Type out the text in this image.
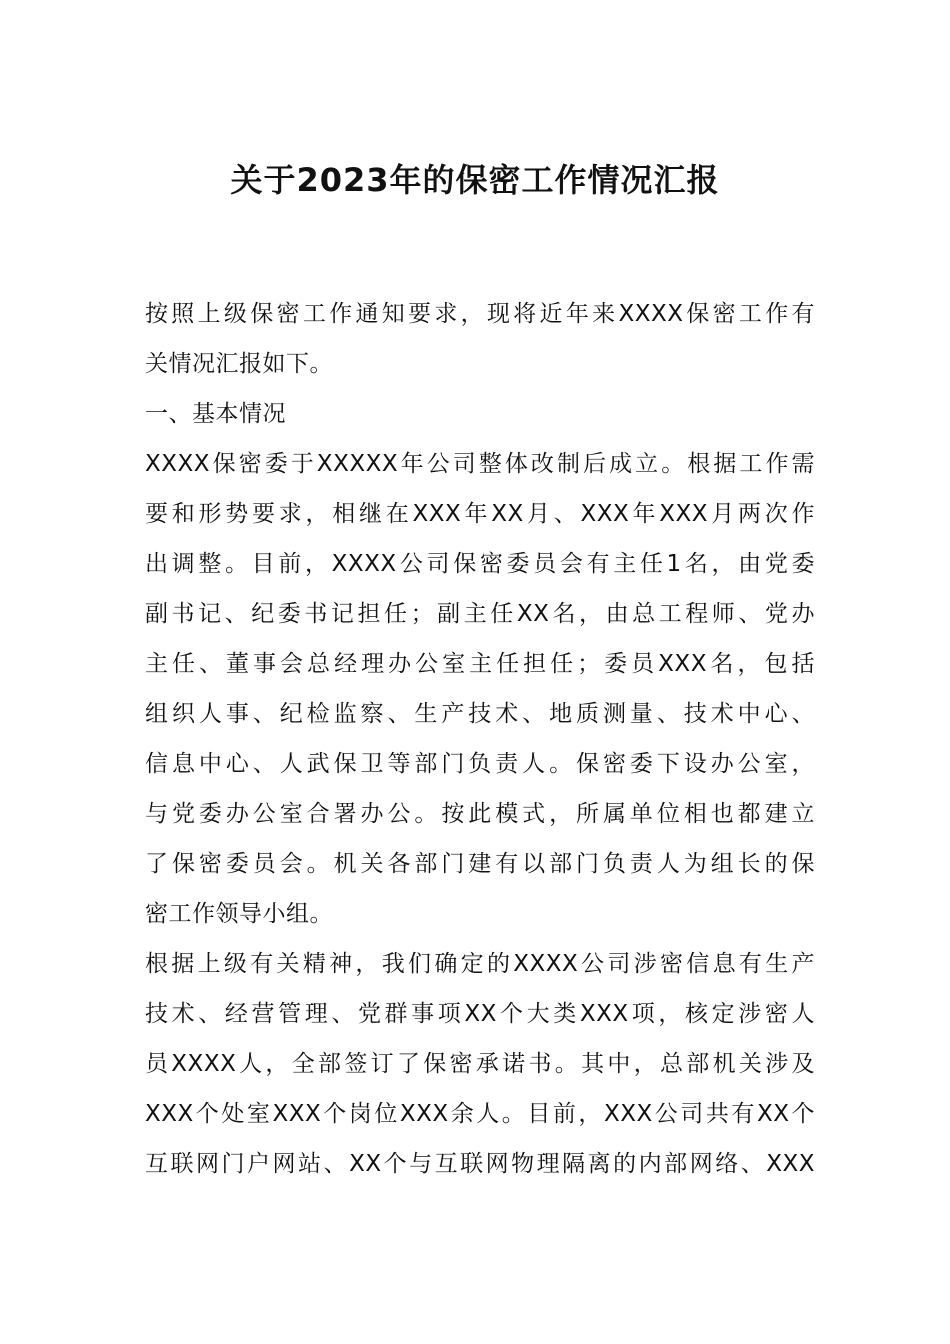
关于2023年的保密工作情况汇报
按照上级保密工作通知要求，现将近年来XXXX保密工作有
关情况汇报如下。
一、基本情况
XXXX保密委于XXXXX年公司整体改制后成立。根据工作需
要和形势要求，相继在XXX年XX月、XXX年XXX月两次作
出调整。目前，XXXX公司保密委员会有主任1名，由党委
副书记、纪委书记担任；副主任XX名，由总工程师、党办
主任、董事会总经理办公室主任担任；委员XXX名，包括
组织人事、纪检监察、生产技术、地质测量、技术中心、
信息中心、人武保卫等部门负责人。保密委下设办公室，
与党委办公室合署办公。按此模式，所属单位相也都建立
了保密委员会。机关各部门建有以部门负责人为组长的保
密工作领导小组。
根据上级有关精神，我们确定的XXXX公司涉密信息有生产
技术、经营管理、党群事项XX个大类XXX项，核定涉密人
员XXXX人，全部签订了保密承诺书。其中，总部机关涉及
XXX个处室XXX个岗位XXX余人。目前，XXX公司共有XX个
互联网门户网站、XX个与互联网物理隔离的内部网络、XXX
